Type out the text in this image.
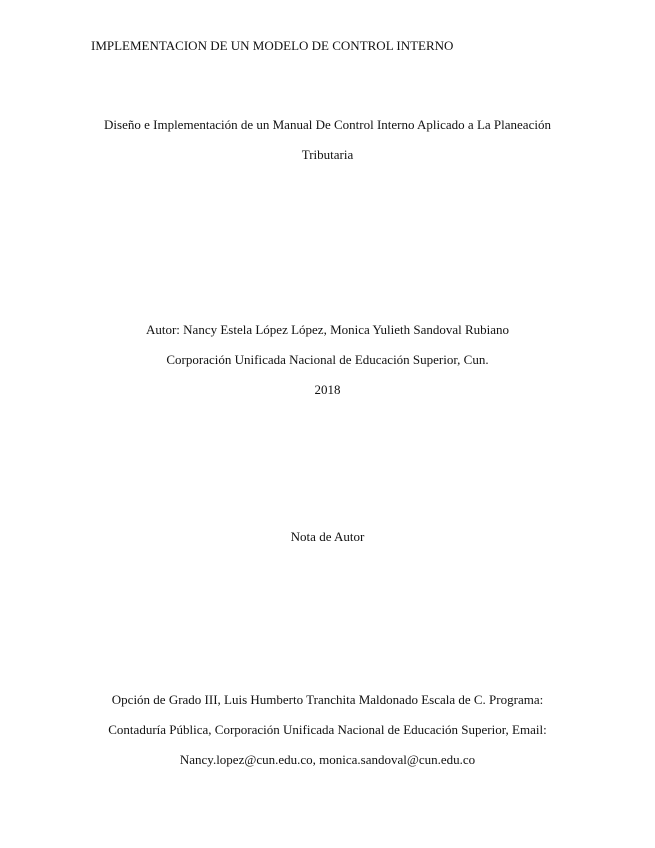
IMPLEMENTACION DE UN MODELO DE CONTROL INTERNO
Diseño e Implementación de un Manual De Control Interno Aplicado a La Planeación
Tributaria
Autor: Nancy Estela López López, Monica Yulieth Sandoval Rubiano
Corporación Unificada Nacional de Educación Superior, Cun.
2018
Nota de Autor
Opción de Grado III, Luis Humberto Tranchita Maldonado Escala de C. Programa:
Contaduría Pública, Corporación Unificada Nacional de Educación Superior, Email:
Nancy.lopez@cun.edu.co, monica.sandoval@cun.edu.co
